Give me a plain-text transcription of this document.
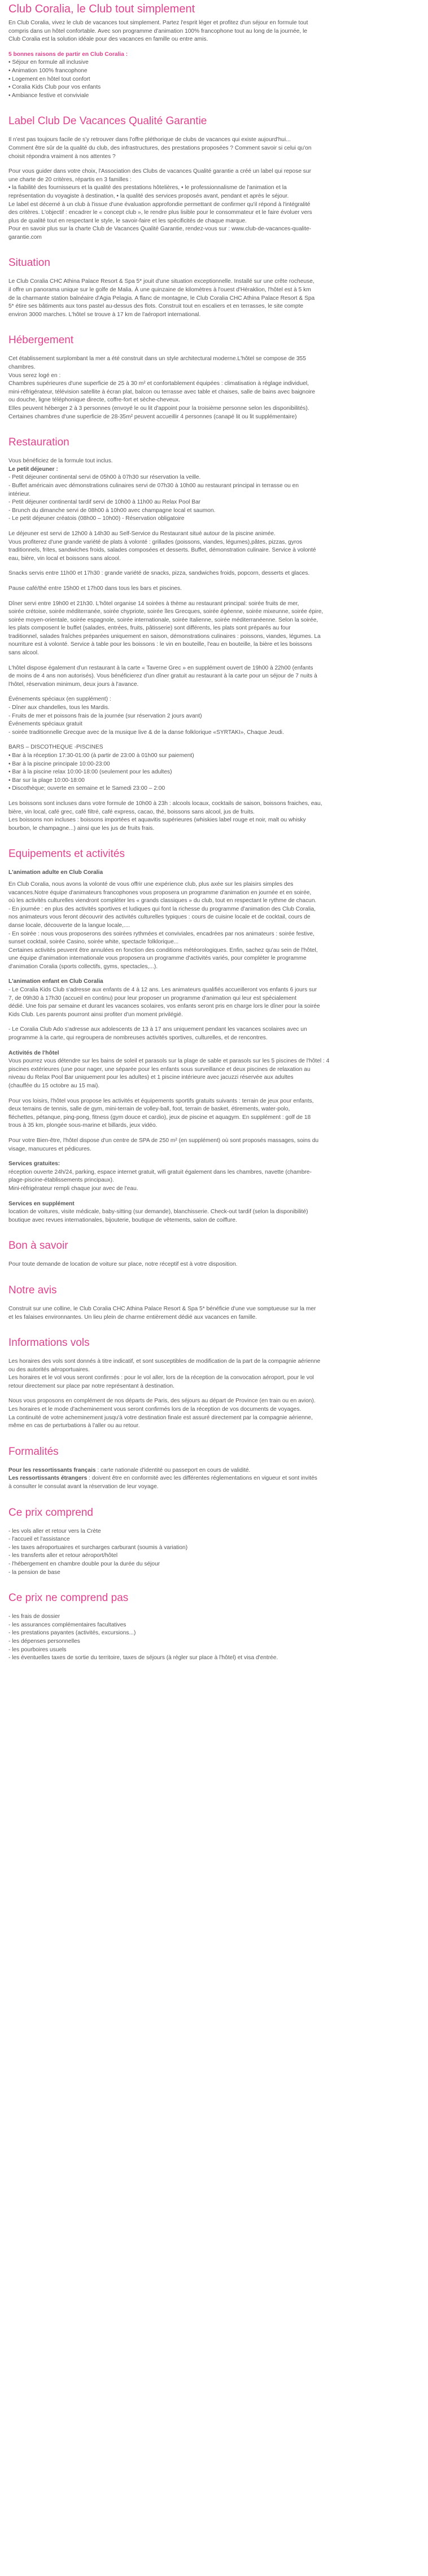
Club Coralia, le Club tout simplement

En Club Coralia, vivez le club de vacances tout simplement. Partez l'esprit léger et profitez d'un séjour en formule tout
compris dans un hôtel confortable. Avec son programme d'animation 100% francophone tout au long de la journée, le
Club Coralia est la solution idéale pour des vacances en famille ou entre amis.

5 bonnes raisons de partir en Club Coralia :
• Séjour en formule all inclusive
• Animation 100% francophone
• Logement en hôtel tout confort
• Coralia Kids Club pour vos enfants
• Ambiance festive et conviviale
Label Club De Vacances Qualité Garantie

Il n'est pas toujours facile de s'y retrouver dans l'offre pléthorique de clubs de vacances qui existe aujourd'hui...
Comment être sûr de la qualité du club, des infrastructures, des prestations proposées ? Comment savoir si celui qu'on
choisit répondra vraiment à nos attentes ?

Pour vous guider dans votre choix, l'Association des Clubs de vacances Qualité garantie a créé un label qui repose sur
une charte de 20 critères, répartis en 3 familles :
• la fiabilité des fournisseurs et la qualité des prestations hôtelières, • le professionnalisme de l'animation et la
représentation du voyagiste à destination, • la qualité des services proposés avant, pendant et après le séjour.
Le label est décerné à un club à l'issue d'une évaluation approfondie permettant de confirmer qu'il répond à l'intégralité
des critères. L'objectif : encadrer le « concept club », le rendre plus lisible pour le consommateur et le faire évoluer vers
plus de qualité tout en respectant le style, le savoir-faire et les spécificités de chaque marque.
Pour en savoir plus sur la charte Club de Vacances Qualité Garantie, rendez-vous sur : www.club-de-vacances-qualite-
garantie.com

Situation

Le Club Coralia CHC Athina Palace Resort & Spa 5* jouit d'une situation exceptionnelle. Installé sur une crête rocheuse,
il offre un panorama unique sur le golfe de Malia. À une quinzaine de kilomètres à l'ouest d'Héraklion, l'hôtel est à 5 km
de la charmante station balnéaire d'Agia Pelagia. A flanc de montagne, le Club Coralia CHC Athina Palace Resort & Spa
5* étire ses bâtiments aux tons pastel au-dessus des flots. Construit tout en escaliers et en terrasses, le site compte
environ 3000 marches. L'hôtel se trouve à 17 km de l'aéroport international.

Hébergement

Cet établissement surplombant la mer a été construit dans un style architectural moderne.L'hôtel se compose de 355
chambres.
Vous serez logé en :
Chambres supérieures d'une superficie de 25 à 30 m² et confortablement équipées : climatisation à réglage individuel,
mini-réfrigérateur, télévision satellite à écran plat, balcon ou terrasse avec table et chaises, salle de bains avec baignoire
ou douche, ligne téléphonique directe, coffre-fort et sèche-cheveux.
Elles peuvent héberger 2 à 3 personnes (envoyé le ou lit d'appoint pour la troisième personne selon les disponibilités).
Certaines chambres d'une superficie de 28-35m² peuvent accueillir 4 personnes (canapé lit ou lit supplémentaire)

Restauration

Vous bénéficiez de la formule tout inclus.
Le petit déjeuner :
- Petit déjeuner continental servi de 05h00 à 07h30 sur réservation la veille.
- Buffet américain avec démonstrations culinaires servi de 07h30 à 10h00 au restaurant principal in terrasse ou en
intérieur.
- Petit déjeuner continental tardif servi de 10h00 à 11h00 au Relax Pool Bar
- Brunch du dimanche servi de 08h00 à 10h00 avec champagne local et saumon.
- Le petit déjeuner créatois (08h00 – 10h00) - Réservation obligatoire

Le déjeuner est servi de 12h00 à 14h30 au Self-Service du Restaurant situé autour de la piscine animée.
Vous profiterez d'une grande variété de plats à volonté : grillades (poissons, viandes, légumes),pâtes, pizzas, gyros
traditionnels, frites, sandwiches froids, salades composées et desserts. Buffet, démonstration culinaire. Service à volonté
eau, bière, vin local et boissons sans alcool.

Snacks servis entre 11h00 et 17h30 : grande variété de snacks, pizza, sandwiches froids, popcorn, desserts et glaces.

Pause café/thé entre 15h00 et 17h00 dans tous les bars et piscines.

Dîner servi entre 19h00 et 21h30. L'hôtel organise 14 soirées à thème au restaurant principal: soirée fruits de mer,
soirée crétoise, soirée méditerranée, soirée chypriote, soirée îles Grecques, soirée égéenne, soirée mixeunne, soirée épire,
soirée moyen-orientale, soirée espagnole, soirée internationale, soirée Italienne, soirée méditerranéenne. Selon la soirée,
les plats composent le buffet (salades, entrées, fruits, pâtisserie) sont différents, les plats sont préparés au four
traditionnel, salades fraîches préparées uniquement en saison, démonstrations culinaires : poissons, viandes, légumes. La
nourriture est à volonté. Service à table pour les boissons : le vin en bouteille, l'eau en bouteille, la bière et les boissons
sans alcool.

L'hôtel dispose également d'un restaurant à la carte « Taverne Grec » en supplément ouvert de 19h00 à 22h00 (enfants
de moins de 4 ans non autorisés). Vous bénéficierez d'un dîner gratuit au restaurant à la carte pour un séjour de 7 nuits à
l'hôtel, réservation minimum, deux jours à l'avance.

Événements spéciaux (en supplément) :
- Dîner aux chandelles, tous les Mardis.
- Fruits de mer et poissons frais de la journée (sur réservation 2 jours avant)
Événements spéciaux gratuit
- soirée traditionnelle Grecque avec de la musique live & de la danse folklorique «SYRTAKI», Chaque Jeudi.

BARS – DISCOTHEQUE -PISCINES
• Bar à la réception 17:30-01:00 (à partir de 23:00 à 01h00 sur paiement)
• Bar à la piscine principale 10:00-23:00
• Bar à la piscine relax 10:00-18:00 (seulement pour les adultes)
• Bar sur la plage 10:00-18:00
• Discothèque; ouverte en semaine et le Samedi 23:00 – 2:00

Les boissons sont incluses dans votre formule de 10h00 à 23h : alcools locaux, cocktails de saison, boissons fraiches, eau,
bière, vin local, café grec, café filtré, café express, cacao, thé, boissons sans alcool, jus de fruits.
Les boissons non incluses : boissons importées et aquavitis supérieures (whiskies label rouge et noir, malt ou whisky
bourbon, le champagne...) ainsi que les jus de fruits frais.

Equipements et activités

L'animation adulte en Club Coralia
En Club Coralia, nous avons la volonté de vous offrir une expérience club, plus axée sur les plaisirs simples des
vacances.Notre équipe d'animateurs francophones vous proposera un programme d'animation en journée et en soirée,
où les activités culturelles viendront compléter les « grands classiques » du club, tout en respectant le rythme de chacun.
- En journée : en plus des activités sportives et ludiques qui font la richesse du programme d'animation des Club Coralia,
nos animateurs vous feront découvrir des activités culturelles typiques : cours de cuisine locale et de cocktail, cours de
danse locale, découverte de la langue locale,....
- En soirée : nous vous proposerons des soirées rythmées et conviviales, encadrées par nos animateurs : soirée festive,
sunset cocktail, soirée Casino, soirée white, spectacle folklorique...
Certaines activités peuvent être annulées en fonction des conditions météorologiques. Enfin, sachez qu'au sein de l'hôtel,
une équipe d'animation internationale vous proposera un programme d'activités variés, pour compléter le programme
d'animation Coralia (sports collectifs, gyms, spectacles,...).

L'animation enfant en Club Coralia
- Le Coralia Kids Club s'adresse aux enfants de 4 à 12 ans. Les animateurs qualifiés accueilleront vos enfants 6 jours sur
7, de 09h30 à 17h30 (accueil en continu) pour leur proposer un programme d'animation qui leur est spécialement
dédié. Une fois par semaine et durant les vacances scolaires, vos enfants seront pris en charge lors le dîner pour la soirée
Kids Club. Les parents pourront ainsi profiter d'un moment privilégié.

- Le Coralia Club Ado s'adresse aux adolescents de 13 à 17 ans uniquement pendant les vacances scolaires avec un
programme à la carte, qui regroupera de nombreuses activités sportives, culturelles, et de rencontres.

Activités de l'hôtel
Vous pourrez vous détendre sur les bains de soleil et parasols sur la plage de sable et parasols sur les 5 piscines de l'hôtel : 4
piscines extérieures (une pour nager, une séparée pour les enfants sous surveillance et deux piscines de relaxation au
niveau du Relax Pool Bar uniquement pour les adultes) et 1 piscine intérieure avec jacuzzi réservée aux adultes
(chauffée du 15 octobre au 15 mai).

Pour vos loisirs, l'hôtel vous propose les activités et équipements sportifs gratuits suivants : terrain de jeux pour enfants,
deux terrains de tennis, salle de gym, mini-terrain de volley-ball, foot, terrain de basket, étirements, water-polo,
fléchettes, pétanque, ping-pong, fitness (gym douce et cardio), jeux de piscine et aquagym. En supplément : golf de 18
trous à 35 km, plongée sous-marine et billards, jeux vidéo.

Pour votre Bien-être, l'hôtel dispose d'un centre de SPA de 250 m² (en supplément) où sont proposés massages, soins du
visage, manucures et pédicures.

Services gratuites:
réception ouverte 24h/24, parking, espace internet gratuit, wifi gratuit également dans les chambres, navette (chambre-
plage-piscine-établissements principaux).
Mini-réfrigérateur rempli chaque jour avec de l'eau.

Services en supplément
location de voitures, visite médicale, baby-sitting (sur demande), blanchisserie. Check-out tardif (selon la disponibilité)
boutique avec revues internationales, bijouterie, boutique de vêtements, salon de coiffure.

Bon à savoir

Pour toute demande de location de voiture sur place, notre réceptif est à votre disposition.

Notre avis

Construit sur une colline, le Club Coralia CHC Athina Palace Resort & Spa 5* bénéficie d'une vue somptueuse sur la mer
et les falaises environnantes. Un lieu plein de charme entièrement dédié aux vacances en famille.

Informations vols

Les horaires des vols sont donnés à titre indicatif, et sont susceptibles de modification de la part de la compagnie aérienne
ou des autorités aéroportuaires.
Les horaires et le vol vous seront confirmés : pour le vol aller, lors de la réception de la convocation aéroport, pour le vol
retour directement sur place par notre représentant à destination.

Nous vous proposons en complément de nos départs de Paris, des séjours au départ de Province (en train ou en avion).
Les horaires et le mode d'acheminement vous seront confirmés lors de la réception de vos documents de voyages.
La continuité de votre acheminement jusqu'à votre destination finale est assuré directement par la compagnie aérienne,
même en cas de perturbations à l'aller ou au retour.

Formalités

Pour les ressortissants français : carte nationale d'identité ou passeport en cours de validité.
Les ressortissants étrangers : doivent être en conformité avec les différentes réglementations en vigueur et sont invités
à consulter le consulat avant la réservation de leur voyage.

Ce prix comprend
- les vols aller et retour vers la Crète
- l'accueil et l'assistance
- les taxes aéroportuaires et surcharges carburant (soumis à variation)
- les transferts aller et retour aéroport/hôtel
- l'hébergement en chambre double pour la durée du séjour
- la pension de base
Ce prix ne comprend pas
- les frais de dossier
- les assurances complémentaires facultatives
- les prestations payantes (activités, excursions...)
- les dépenses personnelles
- les pourboires usuels
- les éventuelles taxes de sortie du territoire, taxes de séjours (à régler sur place à l'hôtel) et visa d'entrée.
